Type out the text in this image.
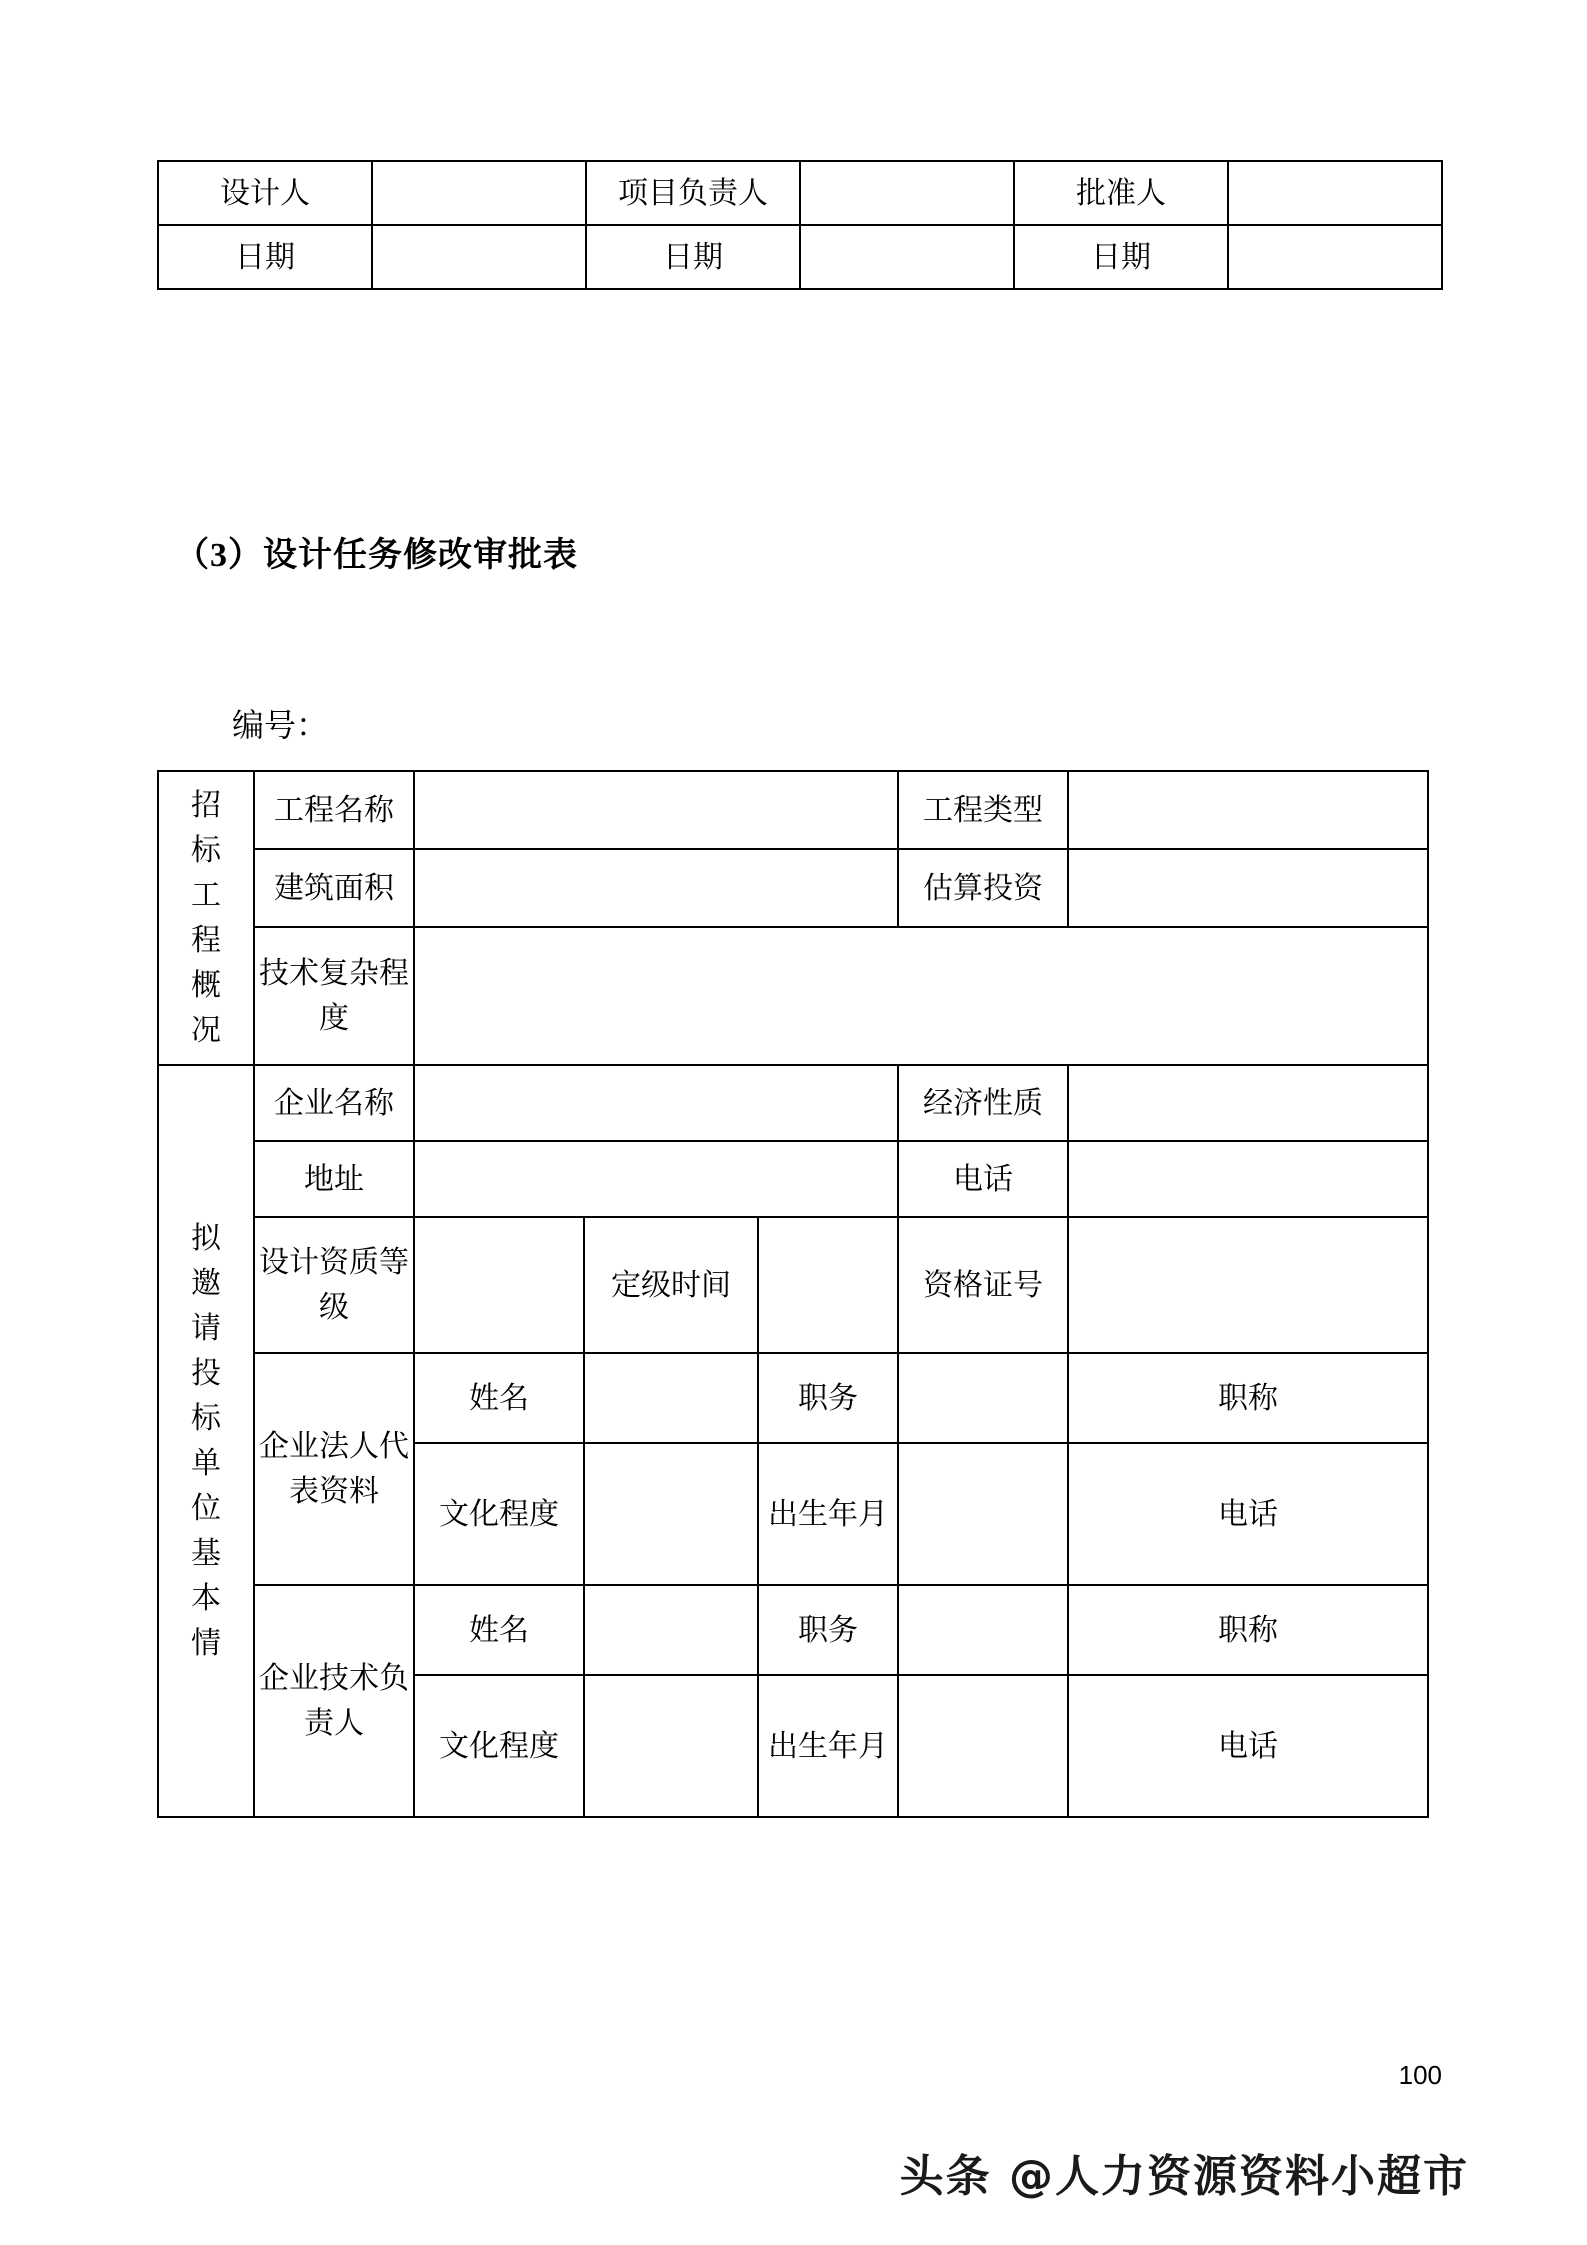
设计人		项目负责人		批准人	
日期		日期		日期	
（3）设计任务修改审批表
编号：
招
标
工
程
概
况
	工程名称		工程类型	
	建筑面积				估算投资	
	技术复杂程度					

拟
邀
请
投
标
单
位
基
本
情
	企业名称		经济性质	
	地址				电话	
	设计资质等级		定级时间		资格证号	
	企业法人代表资料	姓名		职务		职称
		文化程度		出生年月		电话
	企业技术负责人	姓名		职务		职称
		文化程度		出生年月		电话
100
头条 @人力资源资料小超市
